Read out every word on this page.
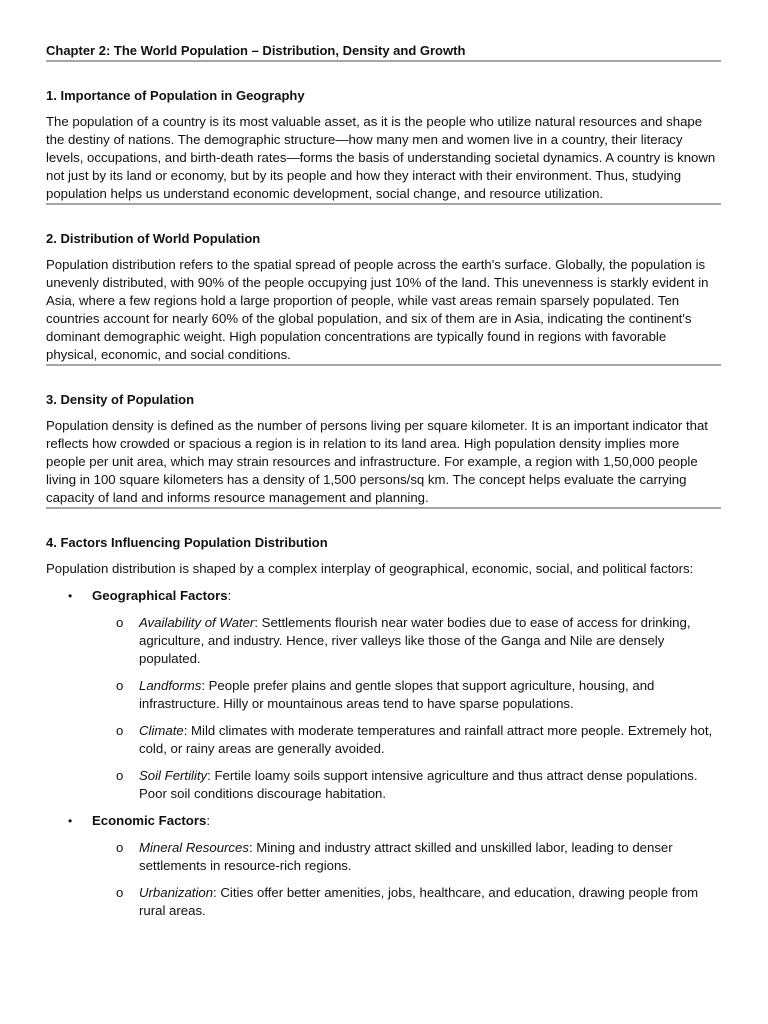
Chapter 2: The World Population – Distribution, Density and Growth
1. Importance of Population in Geography

The population of a country is its most valuable asset, as it is the people who utilize natural resources and shape the destiny of nations. The demographic structure—how many men and women live in a country, their literacy levels, occupations, and birth-death rates—forms the basis of understanding societal dynamics. A country is known not just by its land or economy, but by its people and how they interact with their environment. Thus, studying population helps us understand economic development, social change, and resource utilization.

2. Distribution of World Population

Population distribution refers to the spatial spread of people across the earth's surface. Globally, the population is unevenly distributed, with 90% of the people occupying just 10% of the land. This unevenness is starkly evident in Asia, where a few regions hold a large proportion of people, while vast areas remain sparsely populated. Ten countries account for nearly 60% of the global population, and six of them are in Asia, indicating the continent's dominant demographic weight. High population concentrations are typically found in regions with favorable physical, economic, and social conditions.

3. Density of Population

Population density is defined as the number of persons living per square kilometer. It is an important indicator that reflects how crowded or spacious a region is in relation to its land area. High population density implies more people per unit area, which may strain resources and infrastructure. For example, a region with 1,50,000 people living in 100 square kilometers has a density of 1,500 persons/sq km. The concept helps evaluate the carrying capacity of land and informs resource management and planning.

4. Factors Influencing Population Distribution

Population distribution is shaped by a complex interplay of geographical, economic, social, and political factors:

• Geographical Factors:
o Availability of Water: Settlements flourish near water bodies due to ease of access for drinking, agriculture, and industry. Hence, river valleys like those of the Ganga and Nile are densely populated.
o Landforms: People prefer plains and gentle slopes that support agriculture, housing, and infrastructure. Hilly or mountainous areas tend to have sparse populations.
o Climate: Mild climates with moderate temperatures and rainfall attract more people. Extremely hot, cold, or rainy areas are generally avoided.
o Soil Fertility: Fertile loamy soils support intensive agriculture and thus attract dense populations. Poor soil conditions discourage habitation.
• Economic Factors:
o Mineral Resources: Mining and industry attract skilled and unskilled labor, leading to denser settlements in resource-rich regions.
o Urbanization: Cities offer better amenities, jobs, healthcare, and education, drawing people from rural areas.
